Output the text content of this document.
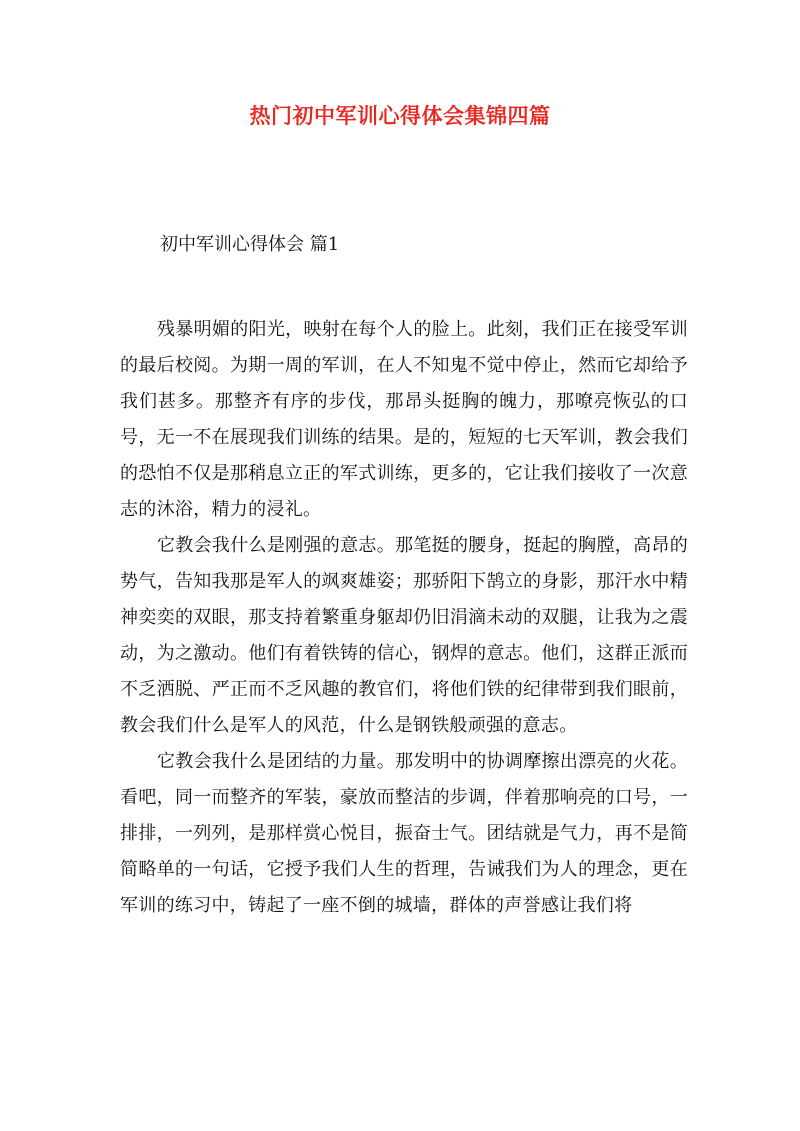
热门初中军训心得体会集锦四篇
初中军训心得体会 篇1

残暴明媚的阳光，映射在每个人的脸上。此刻，我们正在接受军训的最后校阅。为期一周的军训，在人不知鬼不觉中停止，然而它却给予我们甚多。那整齐有序的步伐，那昂头挺胸的魄力，那嘹亮恢弘的口号，无一不在展现我们训练的结果。是的，短短的七天军训，教会我们的恐怕不仅是那稍息立正的军式训练，更多的，它让我们接收了一次意志的沐浴，精力的浸礼。

它教会我什么是刚强的意志。那笔挺的腰身，挺起的胸膛，高昂的势气，告知我那是军人的飒爽雄姿；那骄阳下鹄立的身影，那汗水中精神奕奕的双眼，那支持着繁重身躯却仍旧涓滴未动的双腿，让我为之震动，为之激动。他们有着铁铸的信心，钢焊的意志。他们，这群正派而不乏洒脱、严正而不乏风趣的教官们，将他们铁的纪律带到我们眼前，教会我们什么是军人的风范，什么是钢铁般顽强的意志。

它教会我什么是团结的力量。那发明中的协调摩擦出漂亮的火花。看吧，同一而整齐的军装，豪放而整洁的步调，伴着那响亮的口号，一排排，一列列，是那样赏心悦目，振奋士气。团结就是气力，再不是简简略单的一句话，它授予我们人生的哲理，告诫我们为人的理念，更在军训的练习中，铸起了一座不倒的城墙，群体的声誉感让我们将
